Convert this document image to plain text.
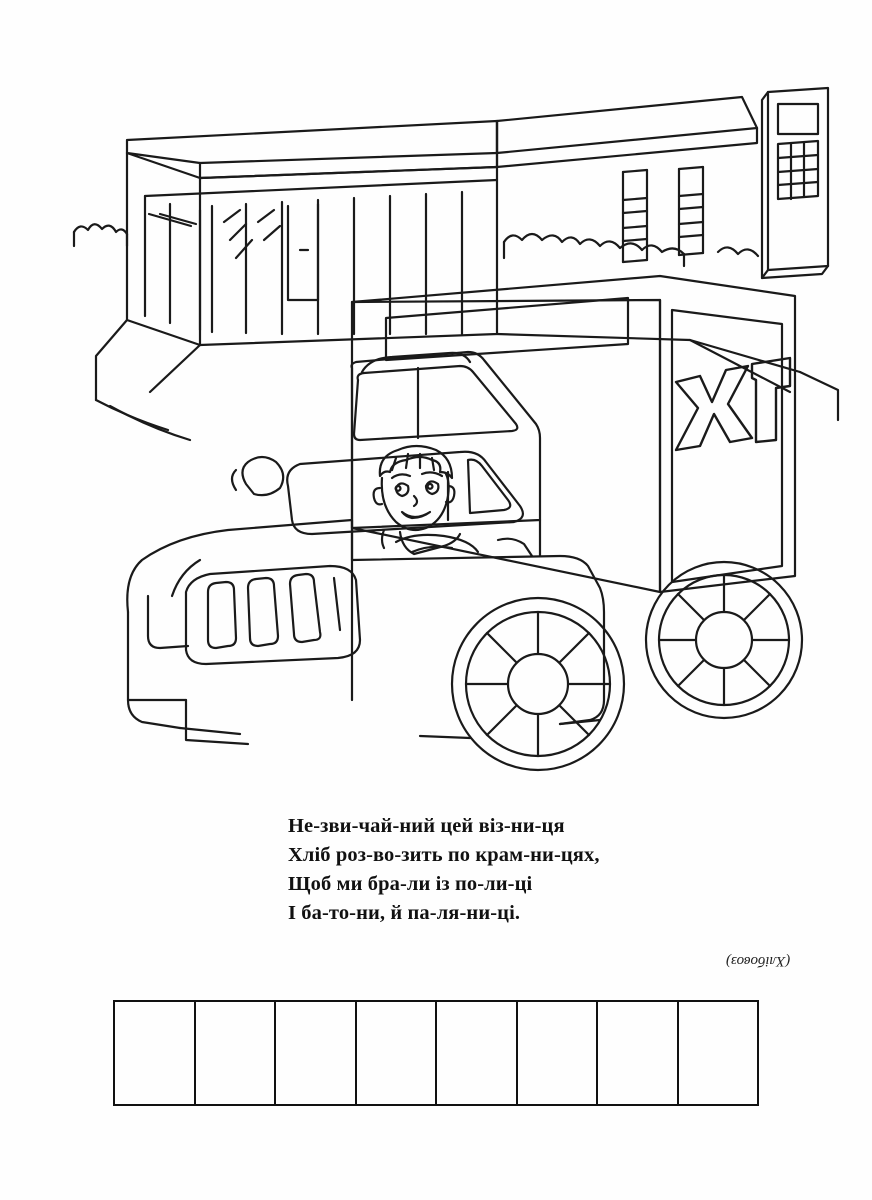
Не-зви-чай-ний цей віз-ни-ця
Хліб роз-во-зить по крам-ни-цях,
Щоб ми бра-ли із по-ли-ці
І ба-то-ни, й па-ля-ни-ці.
(Хлібовоз)
